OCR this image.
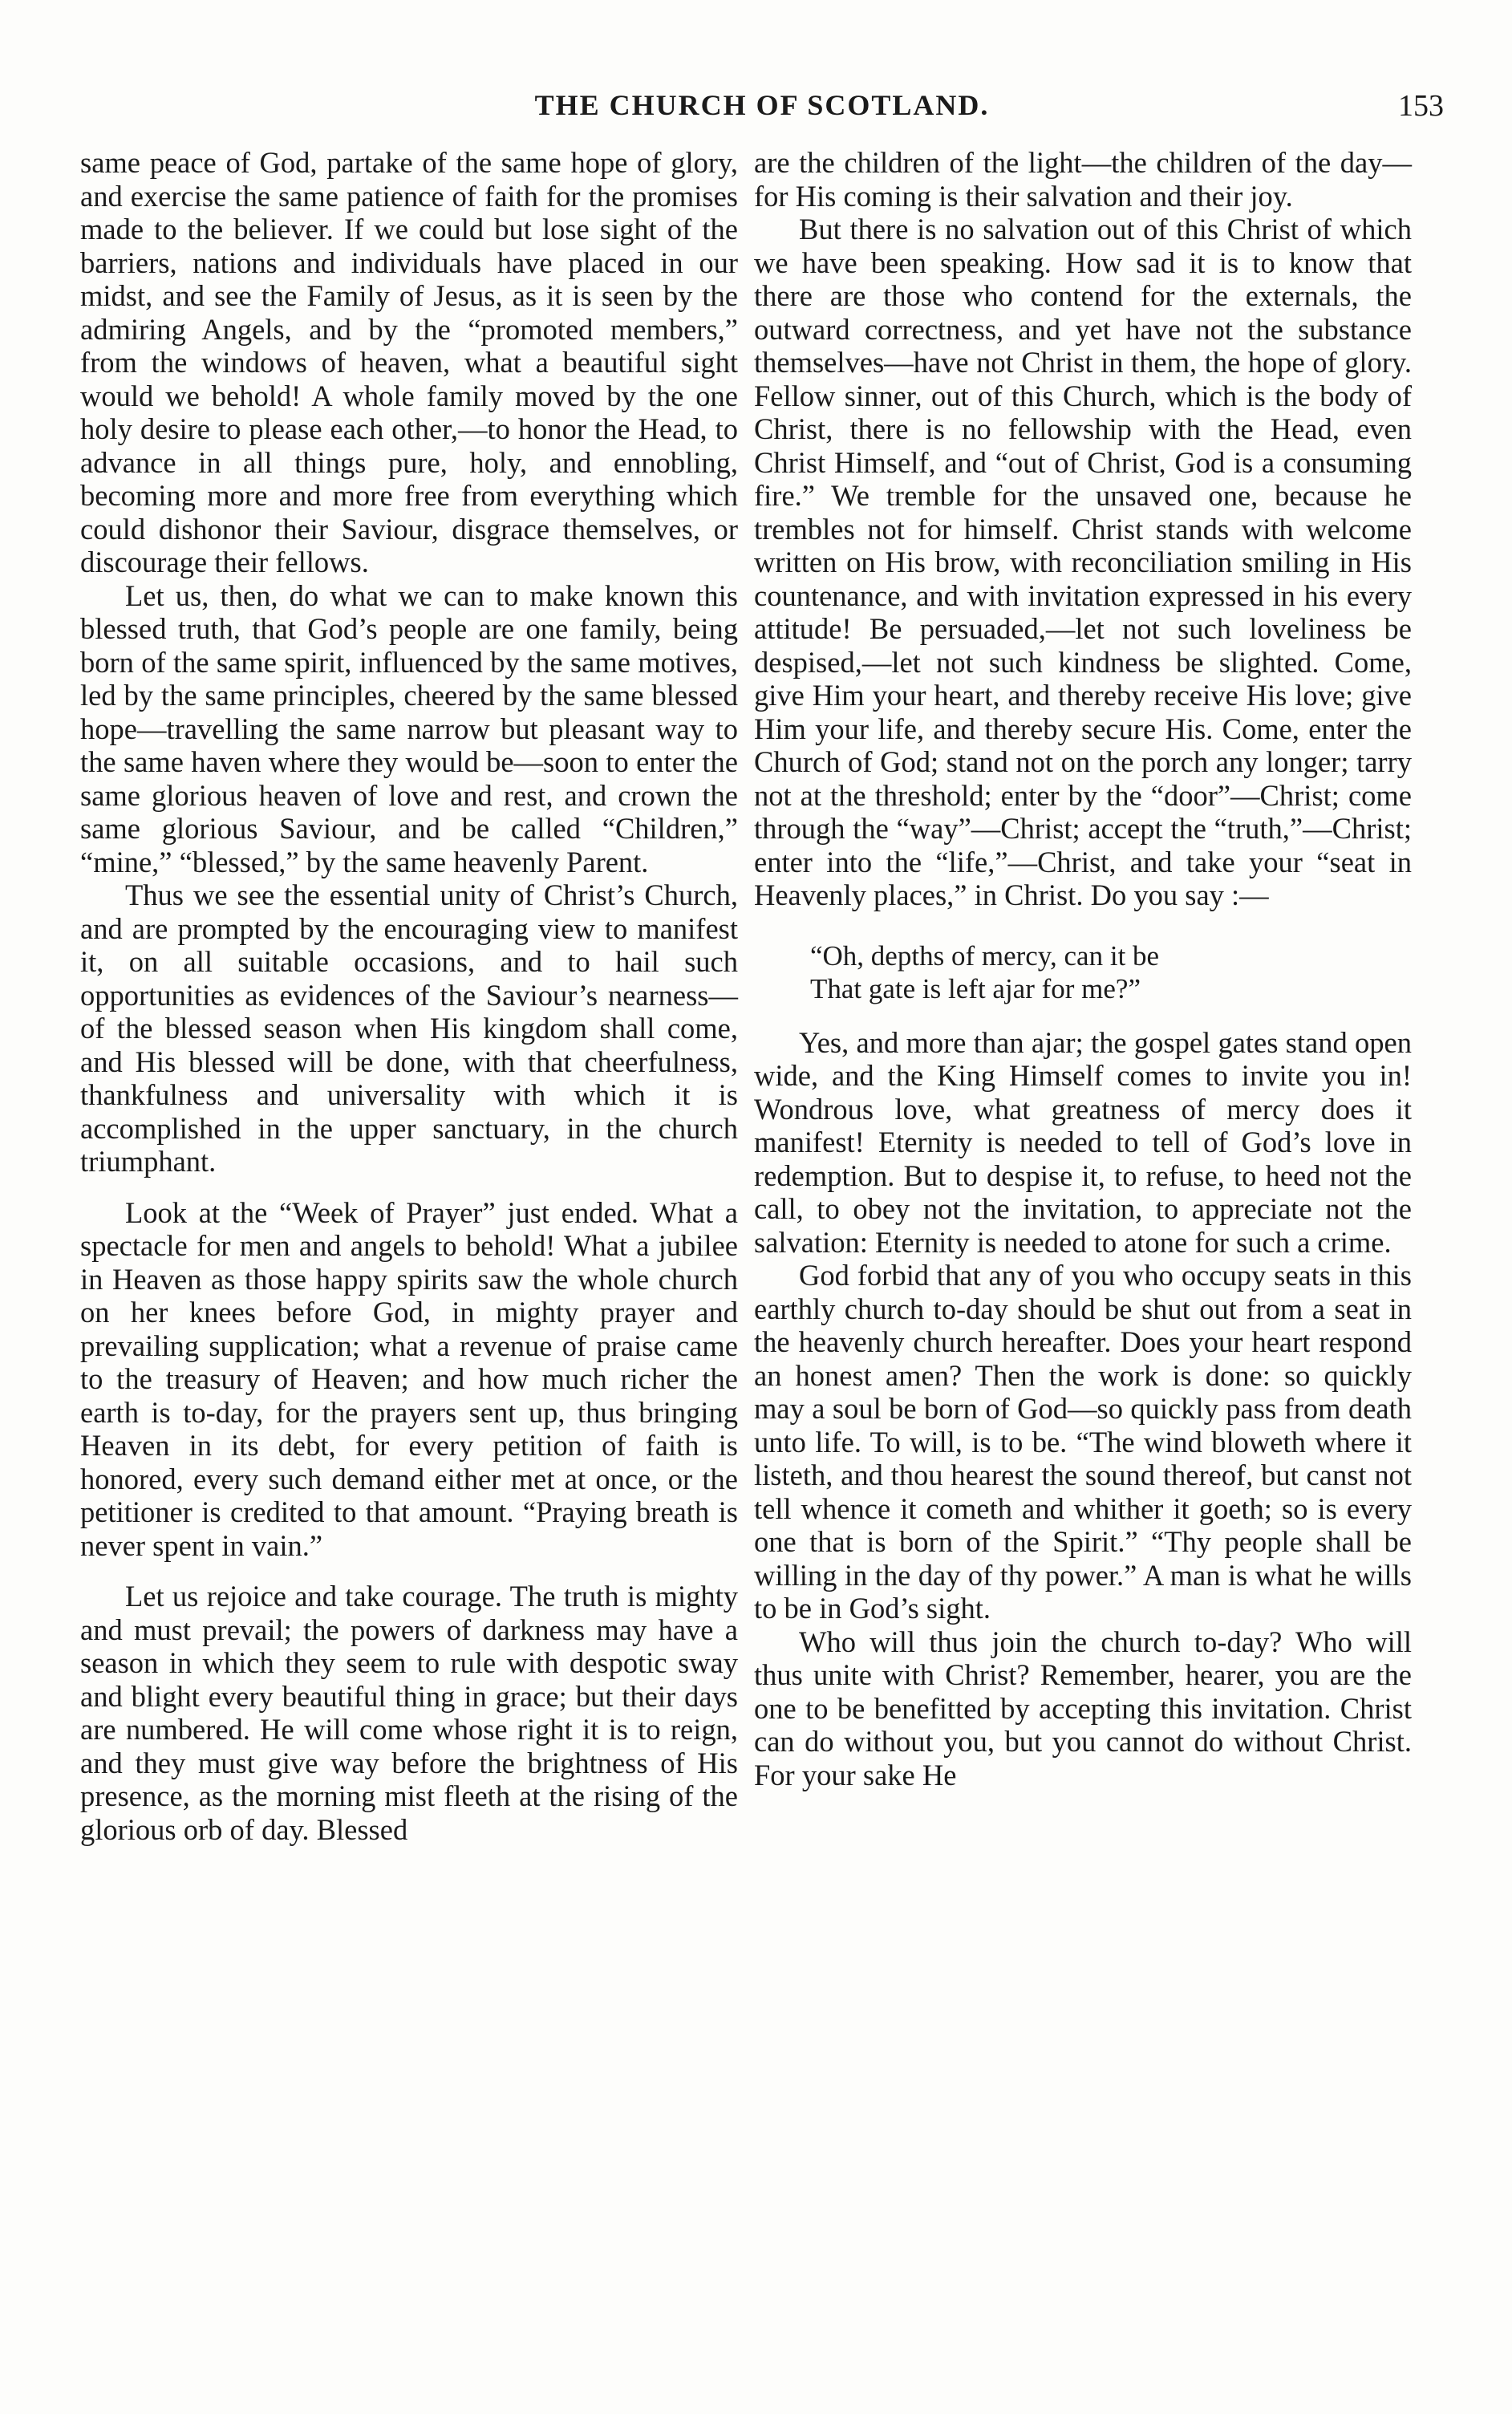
THE CHURCH OF SCOTLAND.	153

same peace of God, partake of the same hope of glory, and exercise the same patience of faith for the promises made to the believer. If we could but lose sight of the barriers, nations and individuals have placed in our midst, and see the Family of Jesus, as it is seen by the admiring Angels, and by the “promoted members,” from the windows of heaven, what a beautiful sight would we behold! A whole family moved by the one holy desire to please each other,—to honor the Head, to advance in all things pure, holy, and ennobling, becoming more and more free from everything which could dishonor their Saviour, disgrace themselves, or discourage their fellows.

Let us, then, do what we can to make known this blessed truth, that God’s people are one family, being born of the same spirit, influenced by the same motives, led by the same principles, cheered by the same blessed hope—travelling the same narrow but pleasant way to the same haven where they would be—soon to enter the same glorious heaven of love and rest, and crown the same glorious Saviour, and be called “Children,” “mine,” “blessed,” by the same heavenly Parent.

Thus we see the essential unity of Christ’s Church, and are prompted by the encouraging view to manifest it, on all suitable occasions, and to hail such opportunities as evidences of the Saviour’s nearness—of the blessed season when His kingdom shall come, and His blessed will be done, with that cheerfulness, thankfulness and universality with which it is accomplished in the upper sanctuary, in the church triumphant.

Look at the “Week of Prayer” just ended. What a spectacle for men and angels to behold! What a jubilee in Heaven as those happy spirits saw the whole church on her knees before God, in mighty prayer and prevailing supplication; what a revenue of praise came to the treasury of Heaven; and how much richer the earth is to-day, for the prayers sent up, thus bringing Heaven in its debt, for every petition of faith is honored, every such demand either met at once, or the petitioner is credited to that amount. “Praying breath is never spent in vain.”

Let us rejoice and take courage. The truth is mighty and must prevail; the powers of darkness may have a season in which they seem to rule with despotic sway and blight every beautiful thing in grace; but their days are numbered. He will come whose right it is to reign, and they must give way before the brightness of His presence, as the morning mist fleeth at the rising of the glorious orb of day. Blessed

are the children of the light—the children of the day—for His coming is their salvation and their joy.

But there is no salvation out of this Christ of which we have been speaking. How sad it is to know that there are those who contend for the externals, the outward correctness, and yet have not the substance themselves—have not Christ in them, the hope of glory. Fellow sinner, out of this Church, which is the body of Christ, there is no fellowship with the Head, even Christ Himself, and “out of Christ, God is a consuming fire.” We tremble for the unsaved one, because he trembles not for himself. Christ stands with welcome written on His brow, with reconciliation smiling in His countenance, and with invitation expressed in his every attitude! Be persuaded,—let not such loveliness be despised,—let not such kindness be slighted. Come, give Him your heart, and thereby receive His love; give Him your life, and thereby secure His. Come, enter the Church of God; stand not on the porch any longer; tarry not at the threshold; enter by the “door”—Christ; come through the “way”—Christ; accept the “truth,”—Christ; enter into the “life,”—Christ, and take your “seat in Heavenly places,” in Christ. Do you say :—

“Oh, depths of mercy, can it be
That gate is left ajar for me?”

Yes, and more than ajar; the gospel gates stand open wide, and the King Himself comes to invite you in! Wondrous love, what greatness of mercy does it manifest! Eternity is needed to tell of God’s love in redemption. But to despise it, to refuse, to heed not the call, to obey not the invitation, to appreciate not the salvation: Eternity is needed to atone for such a crime.

God forbid that any of you who occupy seats in this earthly church to-day should be shut out from a seat in the heavenly church hereafter. Does your heart respond an honest amen? Then the work is done: so quickly may a soul be born of God—so quickly pass from death unto life. To will, is to be. “The wind bloweth where it listeth, and thou hearest the sound thereof, but canst not tell whence it cometh and whither it goeth; so is every one that is born of the Spirit.” “Thy people shall be willing in the day of thy power.” A man is what he wills to be in God’s sight.

Who will thus join the church to-day? Who will thus unite with Christ? Remember, hearer, you are the one to be benefitted by accepting this invitation. Christ can do without you, but you cannot do without Christ. For your sake He
